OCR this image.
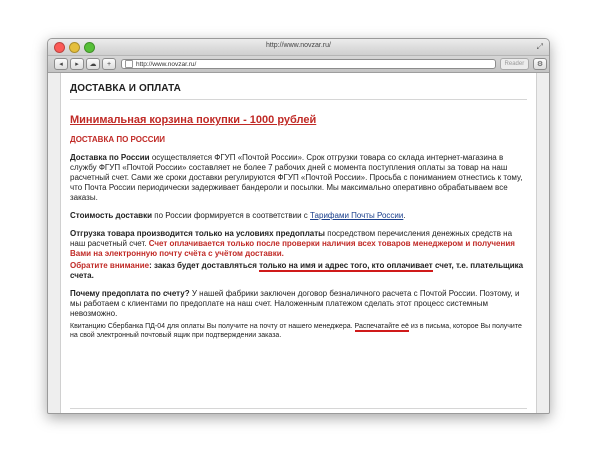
http://www.novzar.ru/	⤢
◂	▸	☁	+	http://www.novzar.ru/	Reader	⚙
ДОСТАВКА И ОПЛАТА
Минимальная корзина покупки - 1000 рублей
ДОСТАВКА ПО РОССИИ

Доставка по России осуществляется ФГУП «Почтой России». Срок отгрузки товара со склада интернет-магазина в службу ФГУП «Почтой России» составляет не более 7 рабочих дней с момента поступления оплаты за товар на наш расчетный счет. Сами же сроки доставки регулируются ФГУП «Почтой России». Просьба с пониманием отнестись к тому, что Почта России периодически задерживает бандероли и посылки. Мы максимально оперативно обрабатываем все заказы.

Стоимость доставки по России формируется в соответствии с Тарифами Почты России.

Отгрузка товара производится только на условиях предоплаты посредством перечисления денежных средств на наш расчетный счет. Счет оплачивается только после проверки наличия всех товаров менеджером и получения Вами на электронную почту счёта с учётом доставки.

Обратите внимание: заказ будет доставляться только на имя и адрес того, кто оплачивает счет, т.е. плательщика счета.

Почему предоплата по счету? У нашей фабрики заключен договор безналичного расчета с Почтой России. Поэтому, и мы работаем с клиентами по предоплате на наш счет. Наложенным платежом сделать этот процесс системным невозможно.

Квитанцию Сбербанка ПД-04 для оплаты Вы получите на почту от нашего менеджера. Распечатайте её из в письма, которое Вы получите на свой электронный почтовый ящик при подтверждении заказа.
